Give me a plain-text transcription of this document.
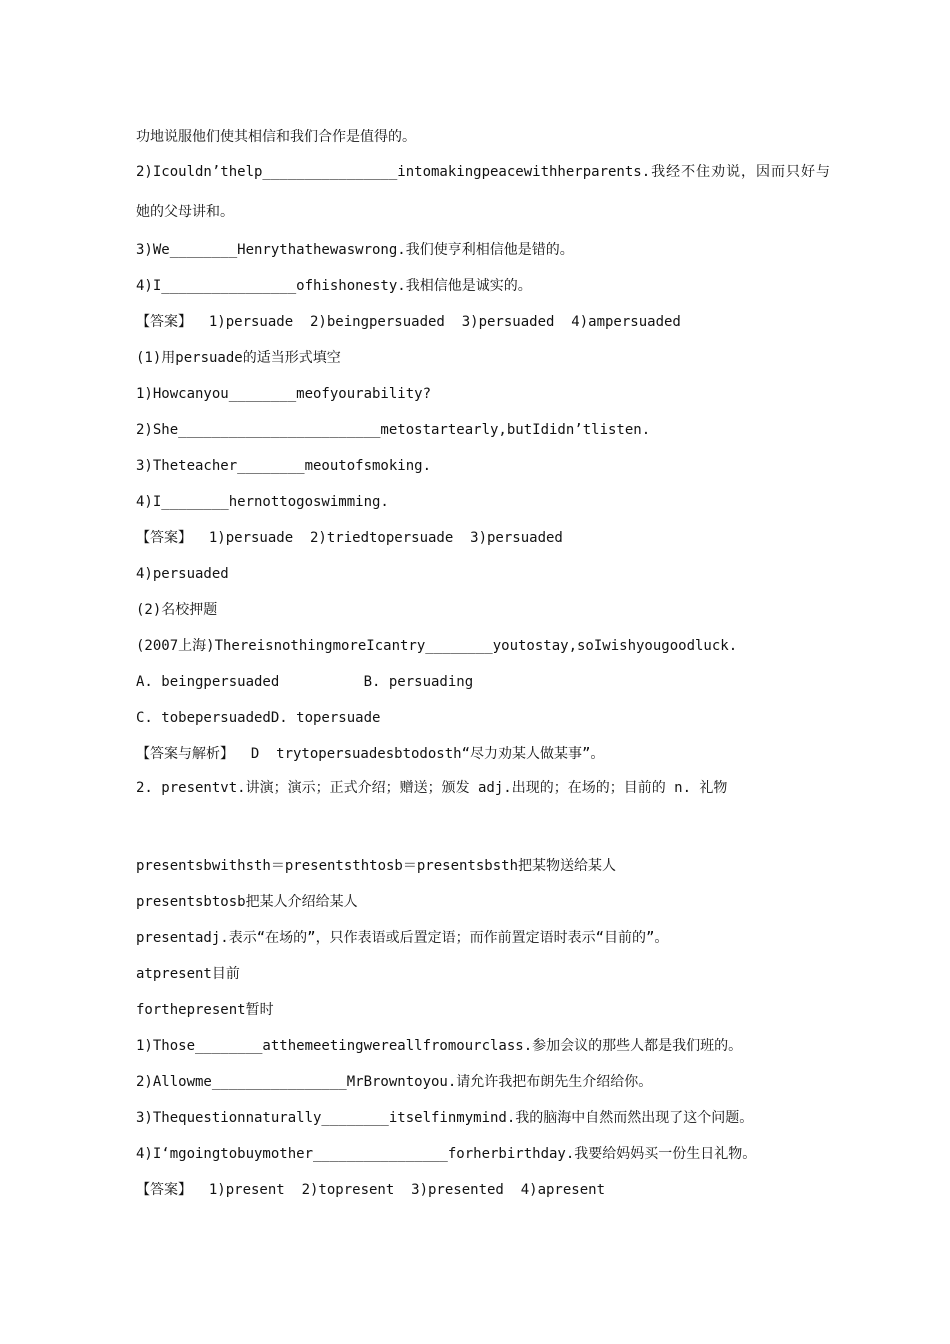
功地说服他们使其相信和我们合作是值得的。
2)Icouldn’thelp________________intomakingpeacewithherparents.我经不住劝说，因而只好与她的父母讲和。
3)We________Henrythathewaswrong.我们使亨利相信他是错的。
4)I________________ofhishonesty.我相信他是诚实的。
【答案】  1)persuade  2)beingpersuaded  3)persuaded  4)ampersuaded
(1)用persuade的适当形式填空
1)Howcanyou________meofyourability?
2)She________________________metostartearly,butIdidn’tlisten.
3)Theteacher________meoutofsmoking.
4)I________hernottogoswimming.
【答案】  1)persuade  2)triedtopersuade  3)persuaded
4)persuaded
(2)名校押题
(2007上海)ThereisnothingmoreIcantry________youtostay,soIwishyougoodluck.
A. beingpersuaded          B. persuading
C. tobepersuadedD. topersuade
【答案与解析】  D  trytopersuadesbtodosth“尽力劝某人做某事”。
2. presentvt.讲演；演示；正式介绍；赠送；颁发 adj.出现的；在场的；目前的 n. 礼物
presentsbwithsth＝presentsthtosb＝presentsbsth把某物送给某人
presentsbtosb把某人介绍给某人
presentadj.表示“在场的”，只作表语或后置定语；而作前置定语时表示“目前的”。
atpresent目前
forthepresent暂时
1)Those________atthemeetingwereallfromourclass.参加会议的那些人都是我们班的。
2)Allowme________________MrBrowntoyou.请允许我把布朗先生介绍给你。
3)Thequestionnaturally________itselfinmymind.我的脑海中自然而然出现了这个问题。
4)I‘mgoingtobuymother________________forherbirthday.我要给妈妈买一份生日礼物。
【答案】  1)present  2)topresent  3)presented  4)apresent
